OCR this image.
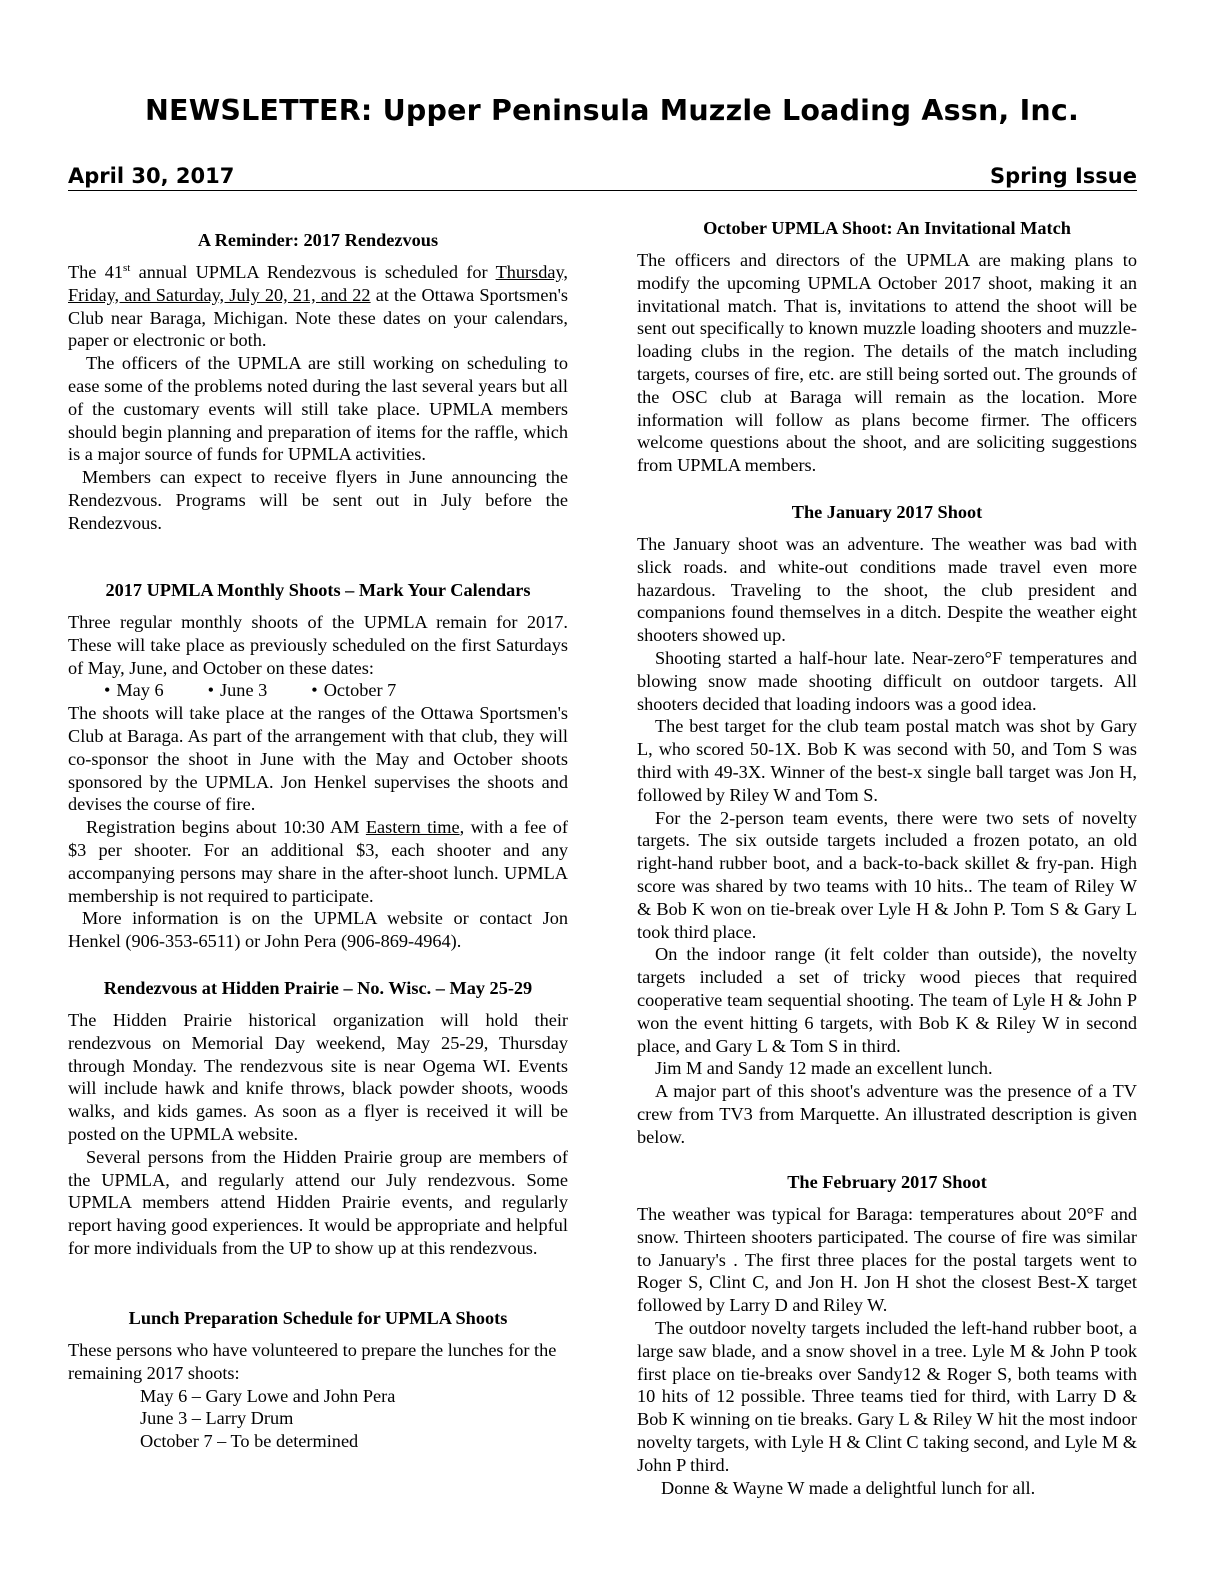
NEWSLETTER: Upper Peninsula Muzzle Loading Assn, Inc.
April 30, 2017	Spring Issue
A Reminder: 2017 Rendezvous

The 41st annual UPMLA Rendezvous is scheduled for Thursday, Friday, and Saturday, July 20, 21, and 22 at the Ottawa Sportsmen's Club near Baraga, Michigan. Note these dates on your calendars, paper or electronic or both.

The officers of the UPMLA are still working on scheduling to ease some of the problems noted during the last several years but all of the customary events will still take place. UPMLA members should begin planning and preparation of items for the raffle, which is a major source of funds for UPMLA activities.

Members can expect to receive flyers in June announcing the Rendezvous. Programs will be sent out in July before the Rendezvous.

2017 UPMLA Monthly Shoots – Mark Your Calendars

Three regular monthly shoots of the UPMLA remain for 2017. These will take place as previously scheduled on the first Saturdays of May, June, and October on these dates:

• May 6	• June 3	• October 7

The shoots will take place at the ranges of the Ottawa Sportsmen's Club at Baraga. As part of the arrangement with that club, they will co-sponsor the shoot in June with the May and October shoots sponsored by the UPMLA. Jon Henkel supervises the shoots and devises the course of fire.

Registration begins about 10:30 AM Eastern time, with a fee of $3 per shooter. For an additional $3, each shooter and any accompanying persons may share in the after-shoot lunch. UPMLA membership is not required to participate.

More information is on the UPMLA website or contact Jon Henkel (906-353-6511) or John Pera (906-869-4964).

Rendezvous at Hidden Prairie – No. Wisc. – May 25-29

The Hidden Prairie historical organization will hold their rendezvous on Memorial Day weekend, May 25-29, Thursday through Monday. The rendezvous site is near Ogema WI. Events will include hawk and knife throws, black powder shoots, woods walks, and kids games. As soon as a flyer is received it will be posted on the UPMLA website.

Several persons from the Hidden Prairie group are members of the UPMLA, and regularly attend our July rendezvous. Some UPMLA members attend Hidden Prairie events, and regularly report having good experiences. It would be appropriate and helpful for more individuals from the UP to show up at this rendezvous.

Lunch Preparation Schedule for UPMLA Shoots

These persons who have volunteered to prepare the lunches for the remaining 2017 shoots:

May 6 – Gary Lowe and John Pera
June 3 – Larry Drum
October 7 – To be determined
October UPMLA Shoot: An Invitational Match

The officers and directors of the UPMLA are making plans to modify the upcoming UPMLA October 2017 shoot, making it an invitational match. That is, invitations to attend the shoot will be sent out specifically to known muzzle loading shooters and muzzle-loading clubs in the region. The details of the match including targets, courses of fire, etc. are still being sorted out. The grounds of the OSC club at Baraga will remain as the location. More information will follow as plans become firmer. The officers welcome questions about the shoot, and are soliciting suggestions from UPMLA members.

The January 2017 Shoot

The January shoot was an adventure. The weather was bad with slick roads. and white-out conditions made travel even more hazardous. Traveling to the shoot, the club president and companions found themselves in a ditch. Despite the weather eight shooters showed up.

Shooting started a half-hour late. Near-zero°F temperatures and blowing snow made shooting difficult on outdoor targets. All shooters decided that loading indoors was a good idea.

The best target for the club team postal match was shot by Gary L, who scored 50-1X. Bob K was second with 50, and Tom S was third with 49-3X. Winner of the best-x single ball target was Jon H, followed by Riley W and Tom S.

For the 2-person team events, there were two sets of novelty targets. The six outside targets included a frozen potato, an old right-hand rubber boot, and a back-to-back skillet & fry-pan. High score was shared by two teams with 10 hits.. The team of Riley W & Bob K won on tie-break over Lyle H & John P. Tom S & Gary L took third place.

On the indoor range (it felt colder than outside), the novelty targets included a set of tricky wood pieces that required cooperative team sequential shooting. The team of Lyle H & John P won the event hitting 6 targets, with Bob K & Riley W in second place, and Gary L & Tom S in third.

Jim M and Sandy 12 made an excellent lunch.

A major part of this shoot's adventure was the presence of a TV crew from TV3 from Marquette. An illustrated description is given below.

The February 2017 Shoot

The weather was typical for Baraga: temperatures about 20°F and snow. Thirteen shooters participated. The course of fire was similar to January's . The first three places for the postal targets went to Roger S, Clint C, and Jon H. Jon H shot the closest Best-X target followed by Larry D and Riley W.

The outdoor novelty targets included the left-hand rubber boot, a large saw blade, and a snow shovel in a tree. Lyle M & John P took first place on tie-breaks over Sandy12 & Roger S, both teams with 10 hits of 12 possible. Three teams tied for third, with Larry D & Bob K winning on tie breaks. Gary L & Riley W hit the most indoor novelty targets, with Lyle H & Clint C taking second, and Lyle M & John P third.

Donne & Wayne W made a delightful lunch for all.
